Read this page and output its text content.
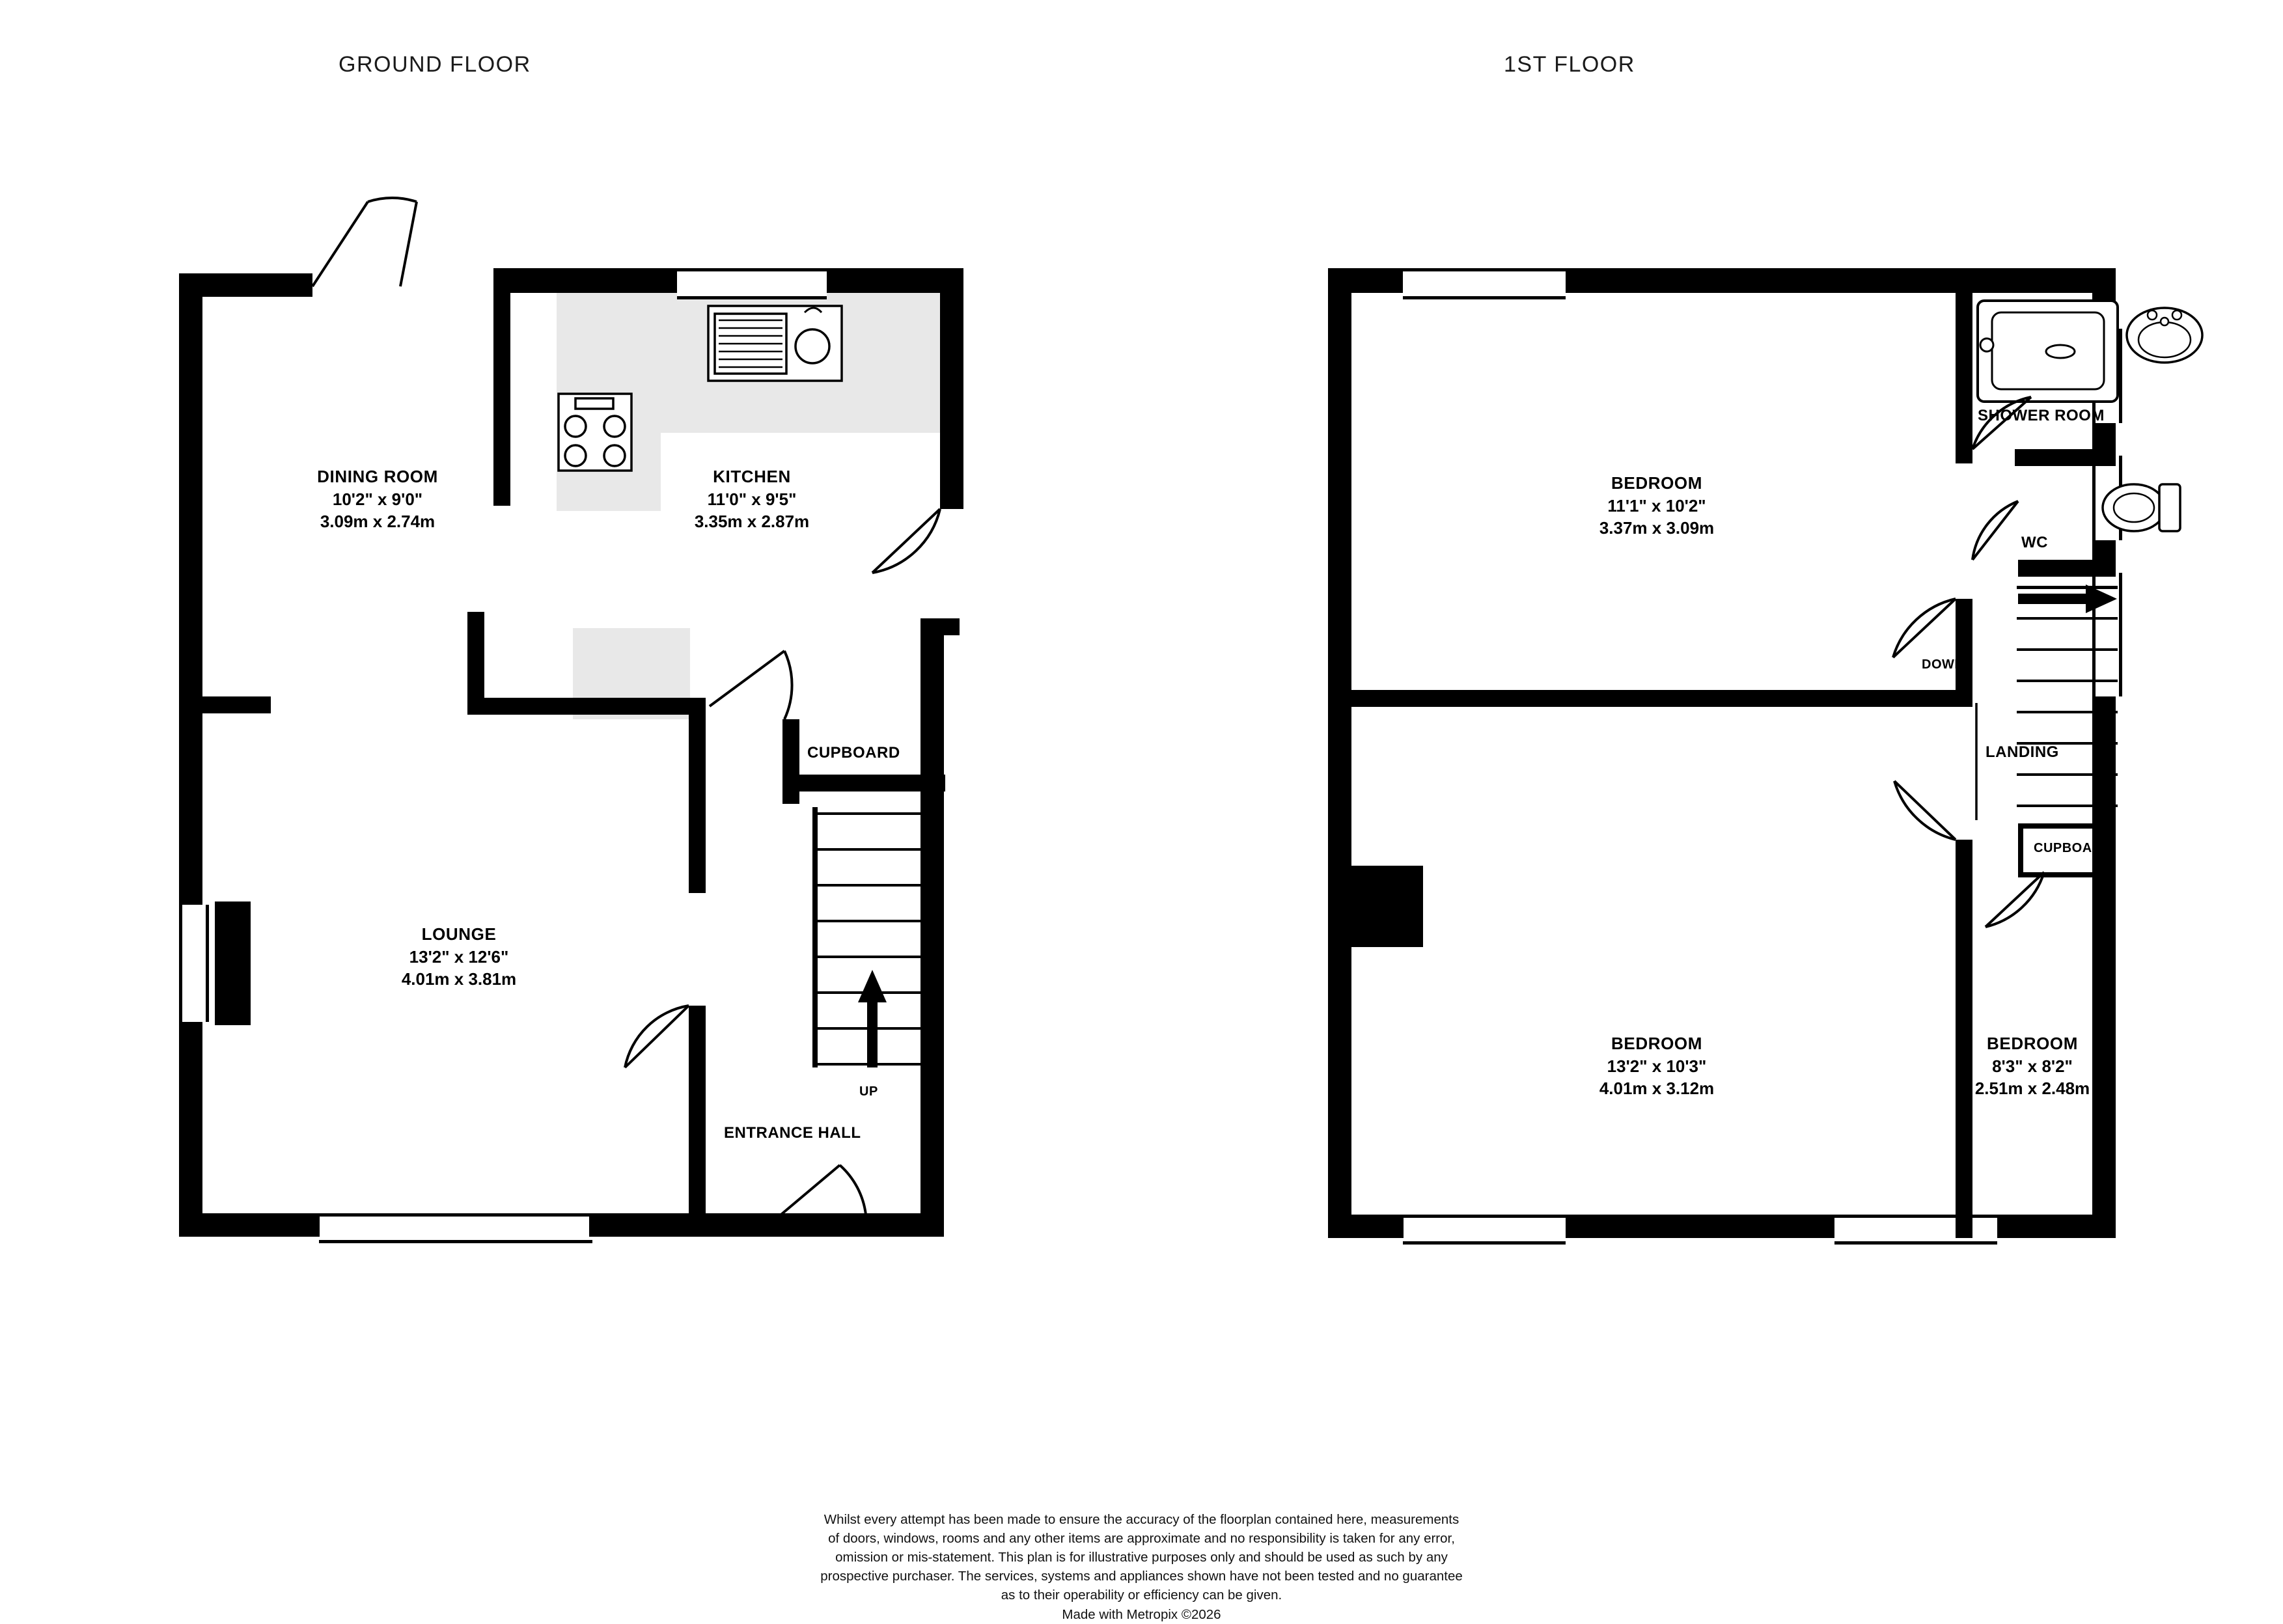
GROUND FLOOR	1ST FLOOR
DINING ROOM
10'2" x 9'0"
3.09m x 2.74m
KITCHEN
11'0" x 9'5"
3.35m x 2.87m
LOUNGE
13'2" x 12'6"
4.01m x 3.81m
CUPBOARD
ENTRANCE HALL
UP
BEDROOM
11'1" x 10'2"
3.37m x 3.09m
BEDROOM
13'2" x 10'3"
4.01m x 3.12m
BEDROOM
8'3" x 8'2"
2.51m x 2.48m
SHOWER ROOM
WC
LANDING
CUPBOARD
DOWN
Whilst every attempt has been made to ensure the accuracy of the floorplan contained here, measurements
of doors, windows, rooms and any other items are approximate and no responsibility is taken for any error,
omission or mis-statement. This plan is for illustrative purposes only and should be used as such by any
prospective purchaser. The services, systems and appliances shown have not been tested and no guarantee
as to their operability or efficiency can be given.
Made with Metropix ©2026
